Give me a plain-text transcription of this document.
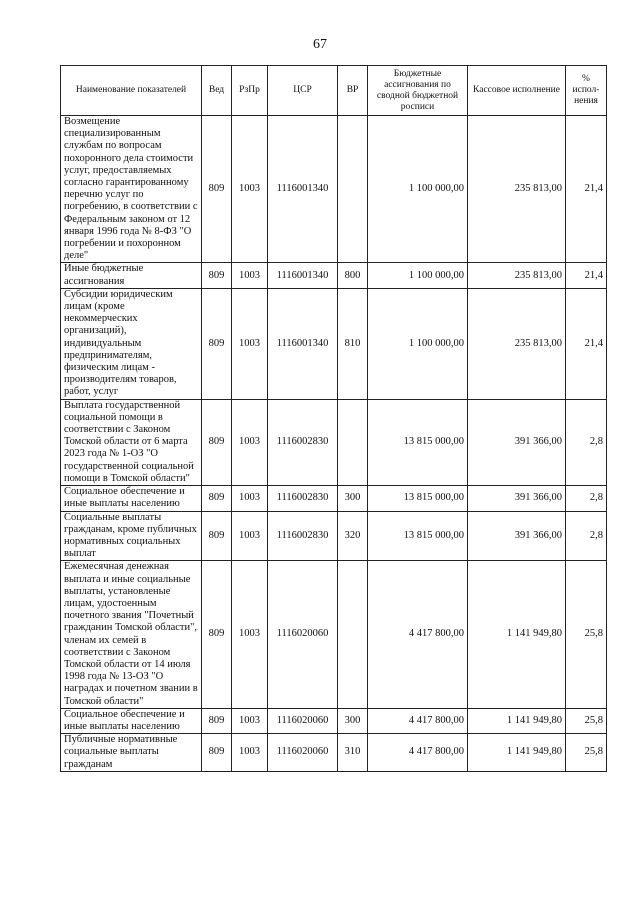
67
Наименование показателей	Вед	РзПр	ЦСР	ВР	Бюджетные ассигнования по сводной бюджетной росписи	Кассовое исполнение	% испол-нения
Возмещение специализированным службам по вопросам похоронного дела стоимости услуг, предоставляемых согласно гарантированному перечню услуг по погребению, в соответствии с Федеральным законом от 12 января 1996 года № 8-ФЗ "О погребении и похоронном деле"	809	1003	1116001340		1 100 000,00	235 813,00	21,4
Иные бюджетные ассигнования	809	1003	1116001340	800	1 100 000,00	235 813,00	21,4
Субсидии юридическим лицам (кроме некоммерческих организаций), индивидуальным предпринимателям, физическим лицам - производителям товаров, работ, услуг	809	1003	1116001340	810	1 100 000,00	235 813,00	21,4
Выплата государственной социальной помощи в соответствии с Законом Томской области от 6 марта 2023 года № 1-ОЗ "О государственной социальной помощи в Томской области"	809	1003	1116002830		13 815 000,00	391 366,00	2,8
Социальное обеспечение и иные выплаты населению	809	1003	1116002830	300	13 815 000,00	391 366,00	2,8
Социальные выплаты гражданам, кроме публичных нормативных социальных выплат	809	1003	1116002830	320	13 815 000,00	391 366,00	2,8
Ежемесячная денежная выплата и иные социальные выплаты, установленые лицам, удостоенным почетного звания "Почетный гражданин Томской области", членам их семей в соответствии с Законом Томской области от 14 июля 1998 года № 13-ОЗ "О наградах и почетном звании в Томской области"	809	1003	1116020060		4 417 800,00	1 141 949,80	25,8
Социальное обеспечение и иные выплаты населению	809	1003	1116020060	300	4 417 800,00	1 141 949,80	25,8
Публичные нормативные социальные выплаты гражданам	809	1003	1116020060	310	4 417 800,00	1 141 949,80	25,8
